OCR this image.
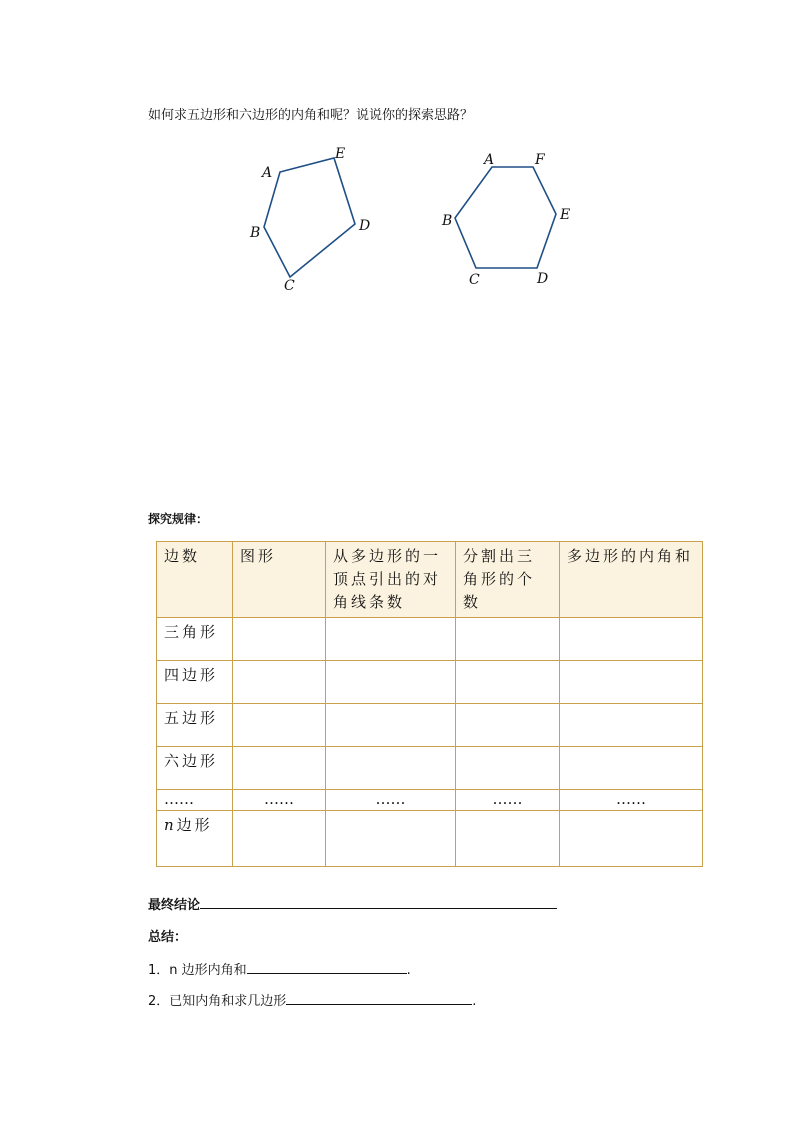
如何求五边形和六边形的内角和呢？说说你的探索思路？
A
E
D
B
C
A	F
E
B
C	D
探究规律：
边数	图形	从多边形的一顶点引出的对角线条数	分割出三角形的个数	多边形的内角和
三角形				
四边形				
五边形				
六边形				
……	……	……	……	……
n边形				
最终结论
总结：
1．n 边形内角和	.
2．已知内角和求几边形	.
